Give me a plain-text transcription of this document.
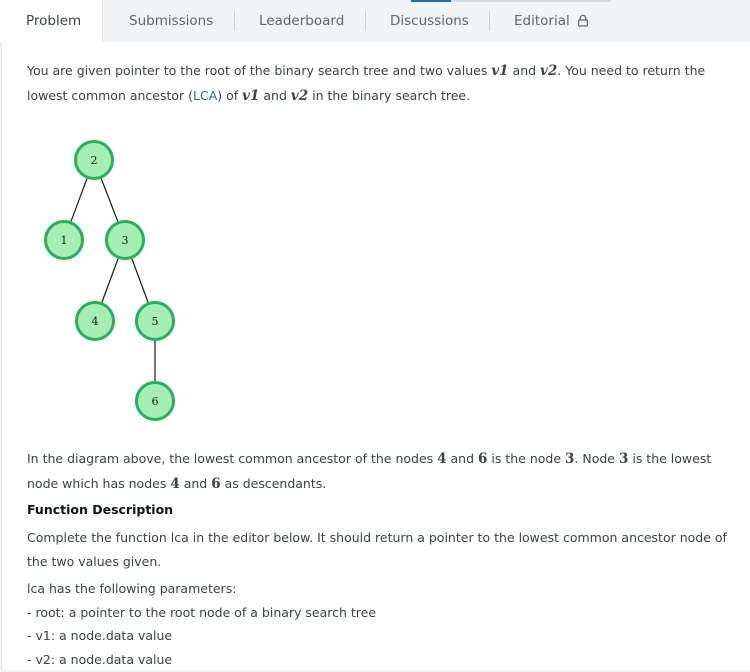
Problem	Submissions	Leaderboard	Discussions	Editorial

You are given pointer to the root of the binary search tree and two values v1 and v2. You need to return the lowest common ancestor (LCA) of v1 and v2 in the binary search tree.

2
1	3
4	5
6

In the diagram above, the lowest common ancestor of the nodes 4 and 6 is the node 3. Node 3 is the lowest node which has nodes 4 and 6 as descendants.

Function Description

Complete the function lca in the editor below. It should return a pointer to the lowest common ancestor node of the two values given.

lca has the following parameters:

- root: a pointer to the root node of a binary search tree

- v1: a node.data value

- v2: a node.data value
